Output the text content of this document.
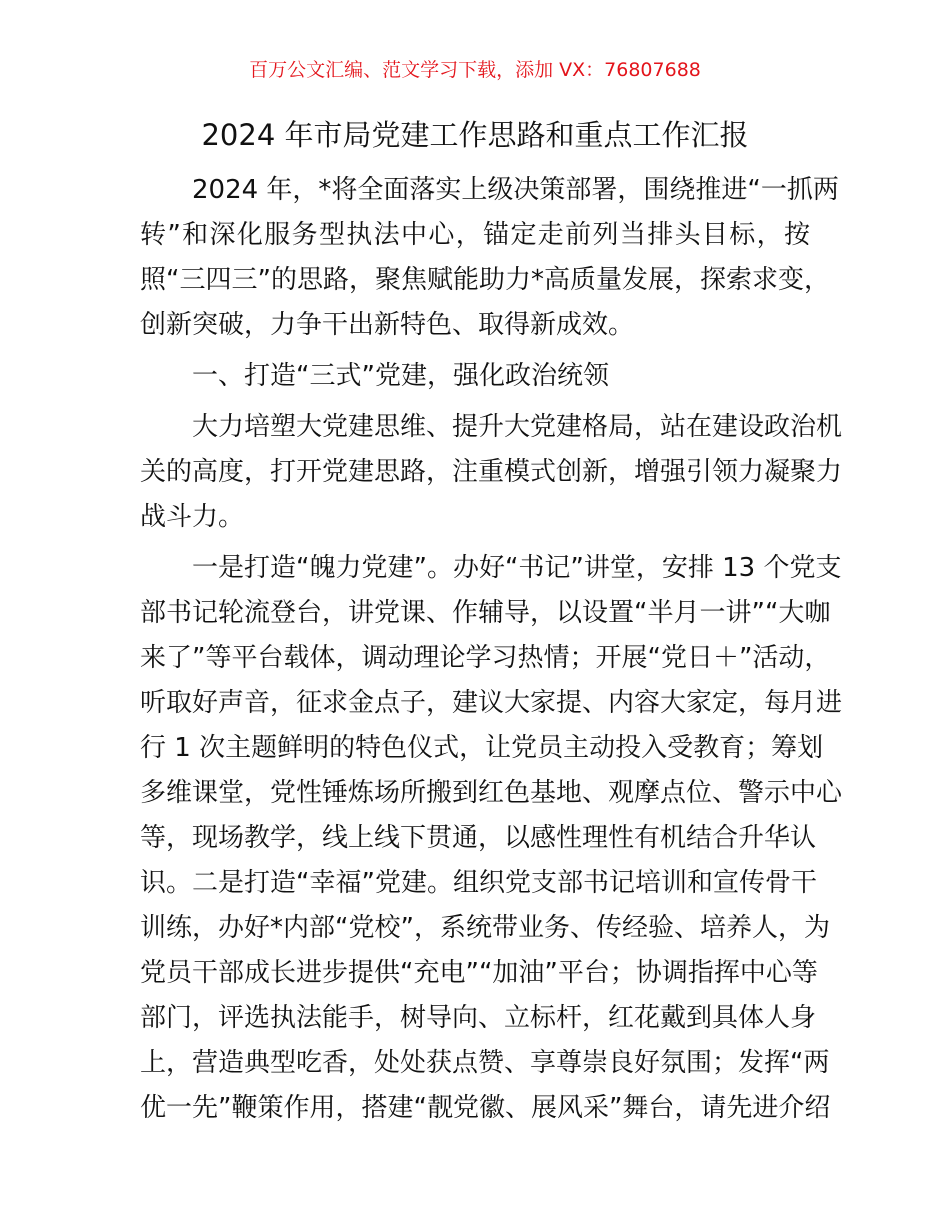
百万公文汇编、范文学习下载，添加 VX：76807688
2024 年市局党建工作思路和重点工作汇报
2024 年，*将全面落实上级决策部署，围绕推进“一抓两
转”和深化服务型执法中心，锚定走前列当排头目标，按
照“三四三”的思路，聚焦赋能助力*高质量发展，探索求变，
创新突破，力争干出新特色、取得新成效。
一、打造“三式”党建，强化政治统领
大力培塑大党建思维、提升大党建格局，站在建设政治机
关的高度，打开党建思路，注重模式创新，增强引领力凝聚力
战斗力。
一是打造“魄力党建”。办好“书记”讲堂，安排 13 个党支
部书记轮流登台，讲党课、作辅导，以设置“半月一讲”“大咖
来了”等平台载体，调动理论学习热情；开展“党日＋”活动，
听取好声音，征求金点子，建议大家提、内容大家定，每月进
行 1 次主题鲜明的特色仪式，让党员主动投入受教育；筹划
多维课堂，党性锤炼场所搬到红色基地、观摩点位、警示中心
等，现场教学，线上线下贯通，以感性理性有机结合升华认
识。二是打造“幸福”党建。组织党支部书记培训和宣传骨干
训练，办好*内部“党校”，系统带业务、传经验、培养人，为
党员干部成长进步提供“充电”“加油”平台；协调指挥中心等
部门，评选执法能手，树导向、立标杆，红花戴到具体人身
上，营造典型吃香，处处获点赞、享尊崇良好氛围；发挥“两
优一先”鞭策作用，搭建“靓党徽、展风采”舞台，请先进介绍
